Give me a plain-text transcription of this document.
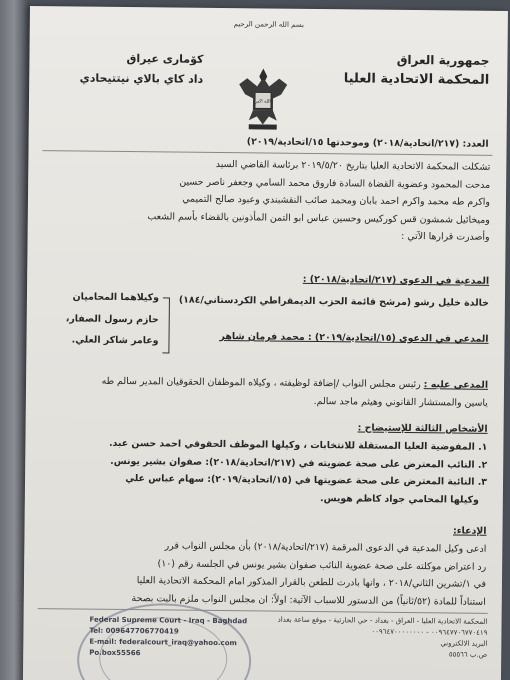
بسم الله الرحمن الرحيم
جمهورية العراق
المحكمة الاتحادية العليا
كۆمارى عيراق
داد كاي بالاي نيتتيحادي
الله اكبر
العدد: (٢١٧/اتحادية/٢٠١٨) وموحدتها ١٥/اتحادية/٢٠١٩)
تشكلت المحكمة الاتحادية العليا بتاريخ ٢٠١٩/٥/٢٠ برئاسة القاضي السيد
مدحت المحمود وعضوية القضاة السادة فاروق محمد السامي وجعفر ناصر حسين
واكرم طه محمد واكرم احمد بابان ومحمد صائب النقشبندي وعبود صالح التميمي
وميخائيل شمشون قس كوركيس وحسين عباس ابو التمن المأذونين بالقضاء بأسم الشعب
وأصدرت قرارها الآتي :
المدعية في الدعوى (٢١٧/اتحادية/٢٠١٨) :
خالدة خليل رشو (مرشح قائمة الحزب الديمقراطي الكردستاني/١٨٤)
وكيلاهما المحاميان
حازم رسول الصفار،
وعامر شاكر العلي.	المدعي في الدعوى (١٥/اتحادية/٢٠١٩) : محمد فرمان شاهر
المدعى عليه : رئيس مجلس النواب /إضافة لوظيفته ، وكيلاه الموظفان الحقوقيان المدير سالم طه
ياسين والمستشار القانوني وهيثم ماجد سالم.
الأشخاص الثالثة للإستيضاح :
١. المفوضية العليا المستقلة للانتخابات ، وكيلها الموظف الحقوقي احمد حسن عبد.
٢. النائب المعترض على صحة عضويته في (٢١٧/اتحادية/٢٠١٨): صفوان بشير يونس.
٣. النائبة المعترض على صحة عضويتها في (١٥/اتحادية/٢٠١٩): سهام عباس علي
وكيلها المحامي جواد كاظم هويس.
الإدعاء:
ادعى وكيل المدعية في الدعوى المرقمة (٢١٧/اتحادية/٢٠١٨) بأن مجلس النواب قرر
رد اعتراض موكلته على صحة عضوية النائب صفوان بشير يونس في الجلسة رقم (١٠)
في ١/تشرين الثاني/٢٠١٨ ، وانها بادرت للطعن بالقرار المذكور امام المحكمة الاتحادية العليا
استناداً للمادة (٥٢/ثانياً) من الدستور للاسباب الآتية: اولاً: ان مجلس النواب ملزم بالبت بصحة
المحكمة الاتحادية العليا - العراق - بغداد - حي الحارثية - موقع ساعة بغداد
٠٠٩٦٤٧٧٠٦٧٧٠٤١٩ - ٠٠٩٦٤٧٠٠٠٠٠٠٠٠
البريد الالكتروني
ص.ب ٥٥٥٦٦
Federal Supreme Court - Iraq - Baghdad
Tel: 009647706770419
E-mail: federalcourt_iraq@yahoo.com
Po.box55566
